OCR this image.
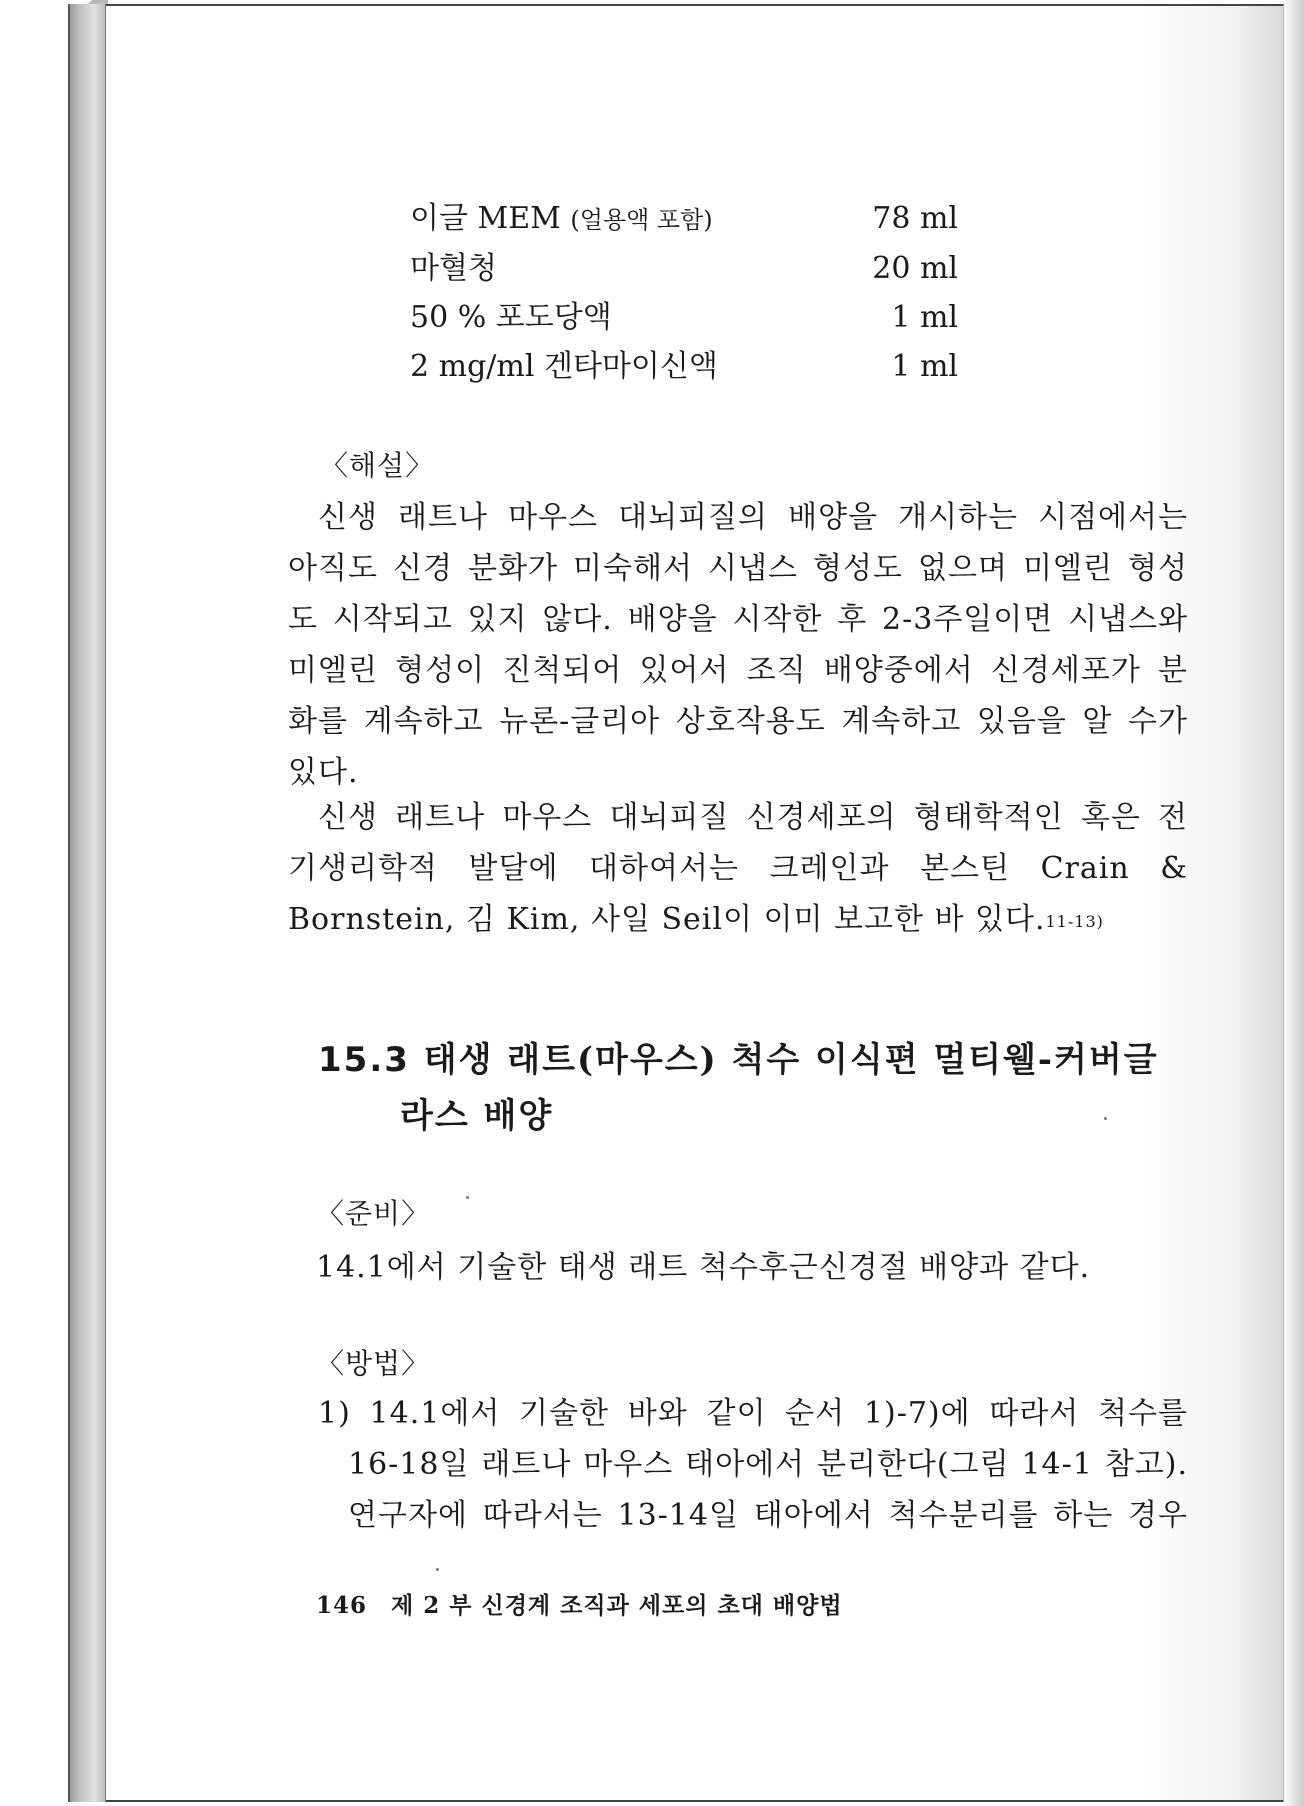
이글 MEM (얼용액 포함)	78 ml
마혈청	20 ml
50 % 포도당액	1 ml
2 mg/ml 겐타마이신액	1 ml
〈해설〉
신생 래트나 마우스 대뇌피질의 배양을 개시하는 시점에서는
아직도 신경 분화가 미숙해서 시냅스 형성도 없으며 미엘린 형성
도 시작되고 있지 않다. 배양을 시작한 후 2-3주일이면 시냅스와
미엘린 형성이 진척되어 있어서 조직 배양중에서 신경세포가 분
화를 계속하고 뉴론-글리아 상호작용도 계속하고 있음을 알 수가
있다.
신생 래트나 마우스 대뇌피질 신경세포의 형태학적인 혹은 전
기생리학적 발달에 대하여서는 크레인과 본스틴 Crain &
Bornstein, 김 Kim, 사일 Seil이 이미 보고한 바 있다.$^{11-13)}$
15.3 태생 래트(마우스) 척수 이식편 멀티웰-커버글
라스 배양
〈준비〉
14.1에서 기술한 태생 래트 척수후근신경절 배양과 같다.
〈방법〉
1) 14.1에서 기술한 바와 같이 순서 1)-7)에 따라서 척수를
16-18일 래트나 마우스 태아에서 분리한다(그림 14-1 참고).
연구자에 따라서는 13-14일 태아에서 척수분리를 하는 경우
146 제 2 부 신경계 조직과 세포의 초대 배양법
